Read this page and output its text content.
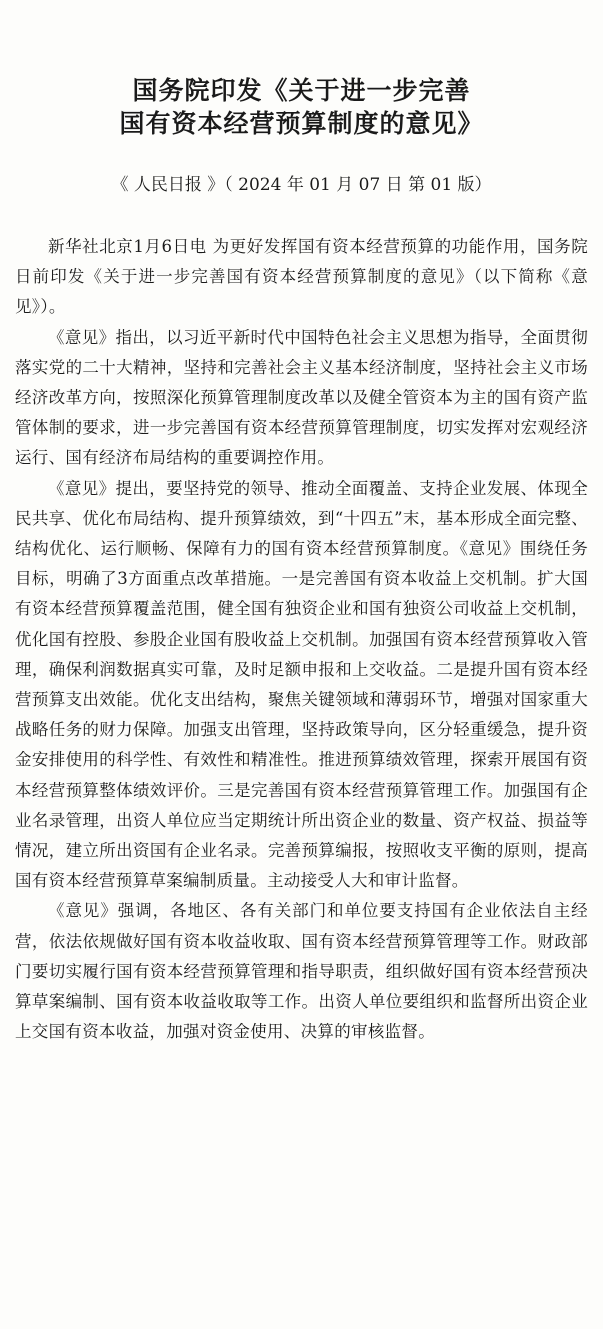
国务院印发《关于进一步完善
国有资本经营预算制度的意见》
《 人民日报 》（ 2024 年 01 月 07 日 第 01 版）

新华社北京1月6日电 为更好发挥国有资本经营预算的功能作用，国务院日前印发《关于进一步完善国有资本经营预算制度的意见》（以下简称《意见》）。

《意见》指出，以习近平新时代中国特色社会主义思想为指导，全面贯彻落实党的二十大精神，坚持和完善社会主义基本经济制度，坚持社会主义市场经济改革方向，按照深化预算管理制度改革以及健全管资本为主的国有资产监管体制的要求，进一步完善国有资本经营预算管理制度，切实发挥对宏观经济运行、国有经济布局结构的重要调控作用。

《意见》提出，要坚持党的领导、推动全面覆盖、支持企业发展、体现全民共享、优化布局结构、提升预算绩效，到“十四五”末，基本形成全面完整、结构优化、运行顺畅、保障有力的国有资本经营预算制度。《意见》围绕任务目标，明确了3方面重点改革措施。一是完善国有资本收益上交机制。扩大国有资本经营预算覆盖范围，健全国有独资企业和国有独资公司收益上交机制，优化国有控股、参股企业国有股收益上交机制。加强国有资本经营预算收入管理，确保利润数据真实可靠，及时足额申报和上交收益。二是提升国有资本经营预算支出效能。优化支出结构，聚焦关键领域和薄弱环节，增强对国家重大战略任务的财力保障。加强支出管理，坚持政策导向，区分轻重缓急，提升资金安排使用的科学性、有效性和精准性。推进预算绩效管理，探索开展国有资本经营预算整体绩效评价。三是完善国有资本经营预算管理工作。加强国有企业名录管理，出资人单位应当定期统计所出资企业的数量、资产权益、损益等情况，建立所出资国有企业名录。完善预算编报，按照收支平衡的原则，提高国有资本经营预算草案编制质量。主动接受人大和审计监督。

《意见》强调，各地区、各有关部门和单位要支持国有企业依法自主经营，依法依规做好国有资本收益收取、国有资本经营预算管理等工作。财政部门要切实履行国有资本经营预算管理和指导职责，组织做好国有资本经营预决算草案编制、国有资本收益收取等工作。出资人单位要组织和监督所出资企业上交国有资本收益，加强对资金使用、决算的审核监督。
